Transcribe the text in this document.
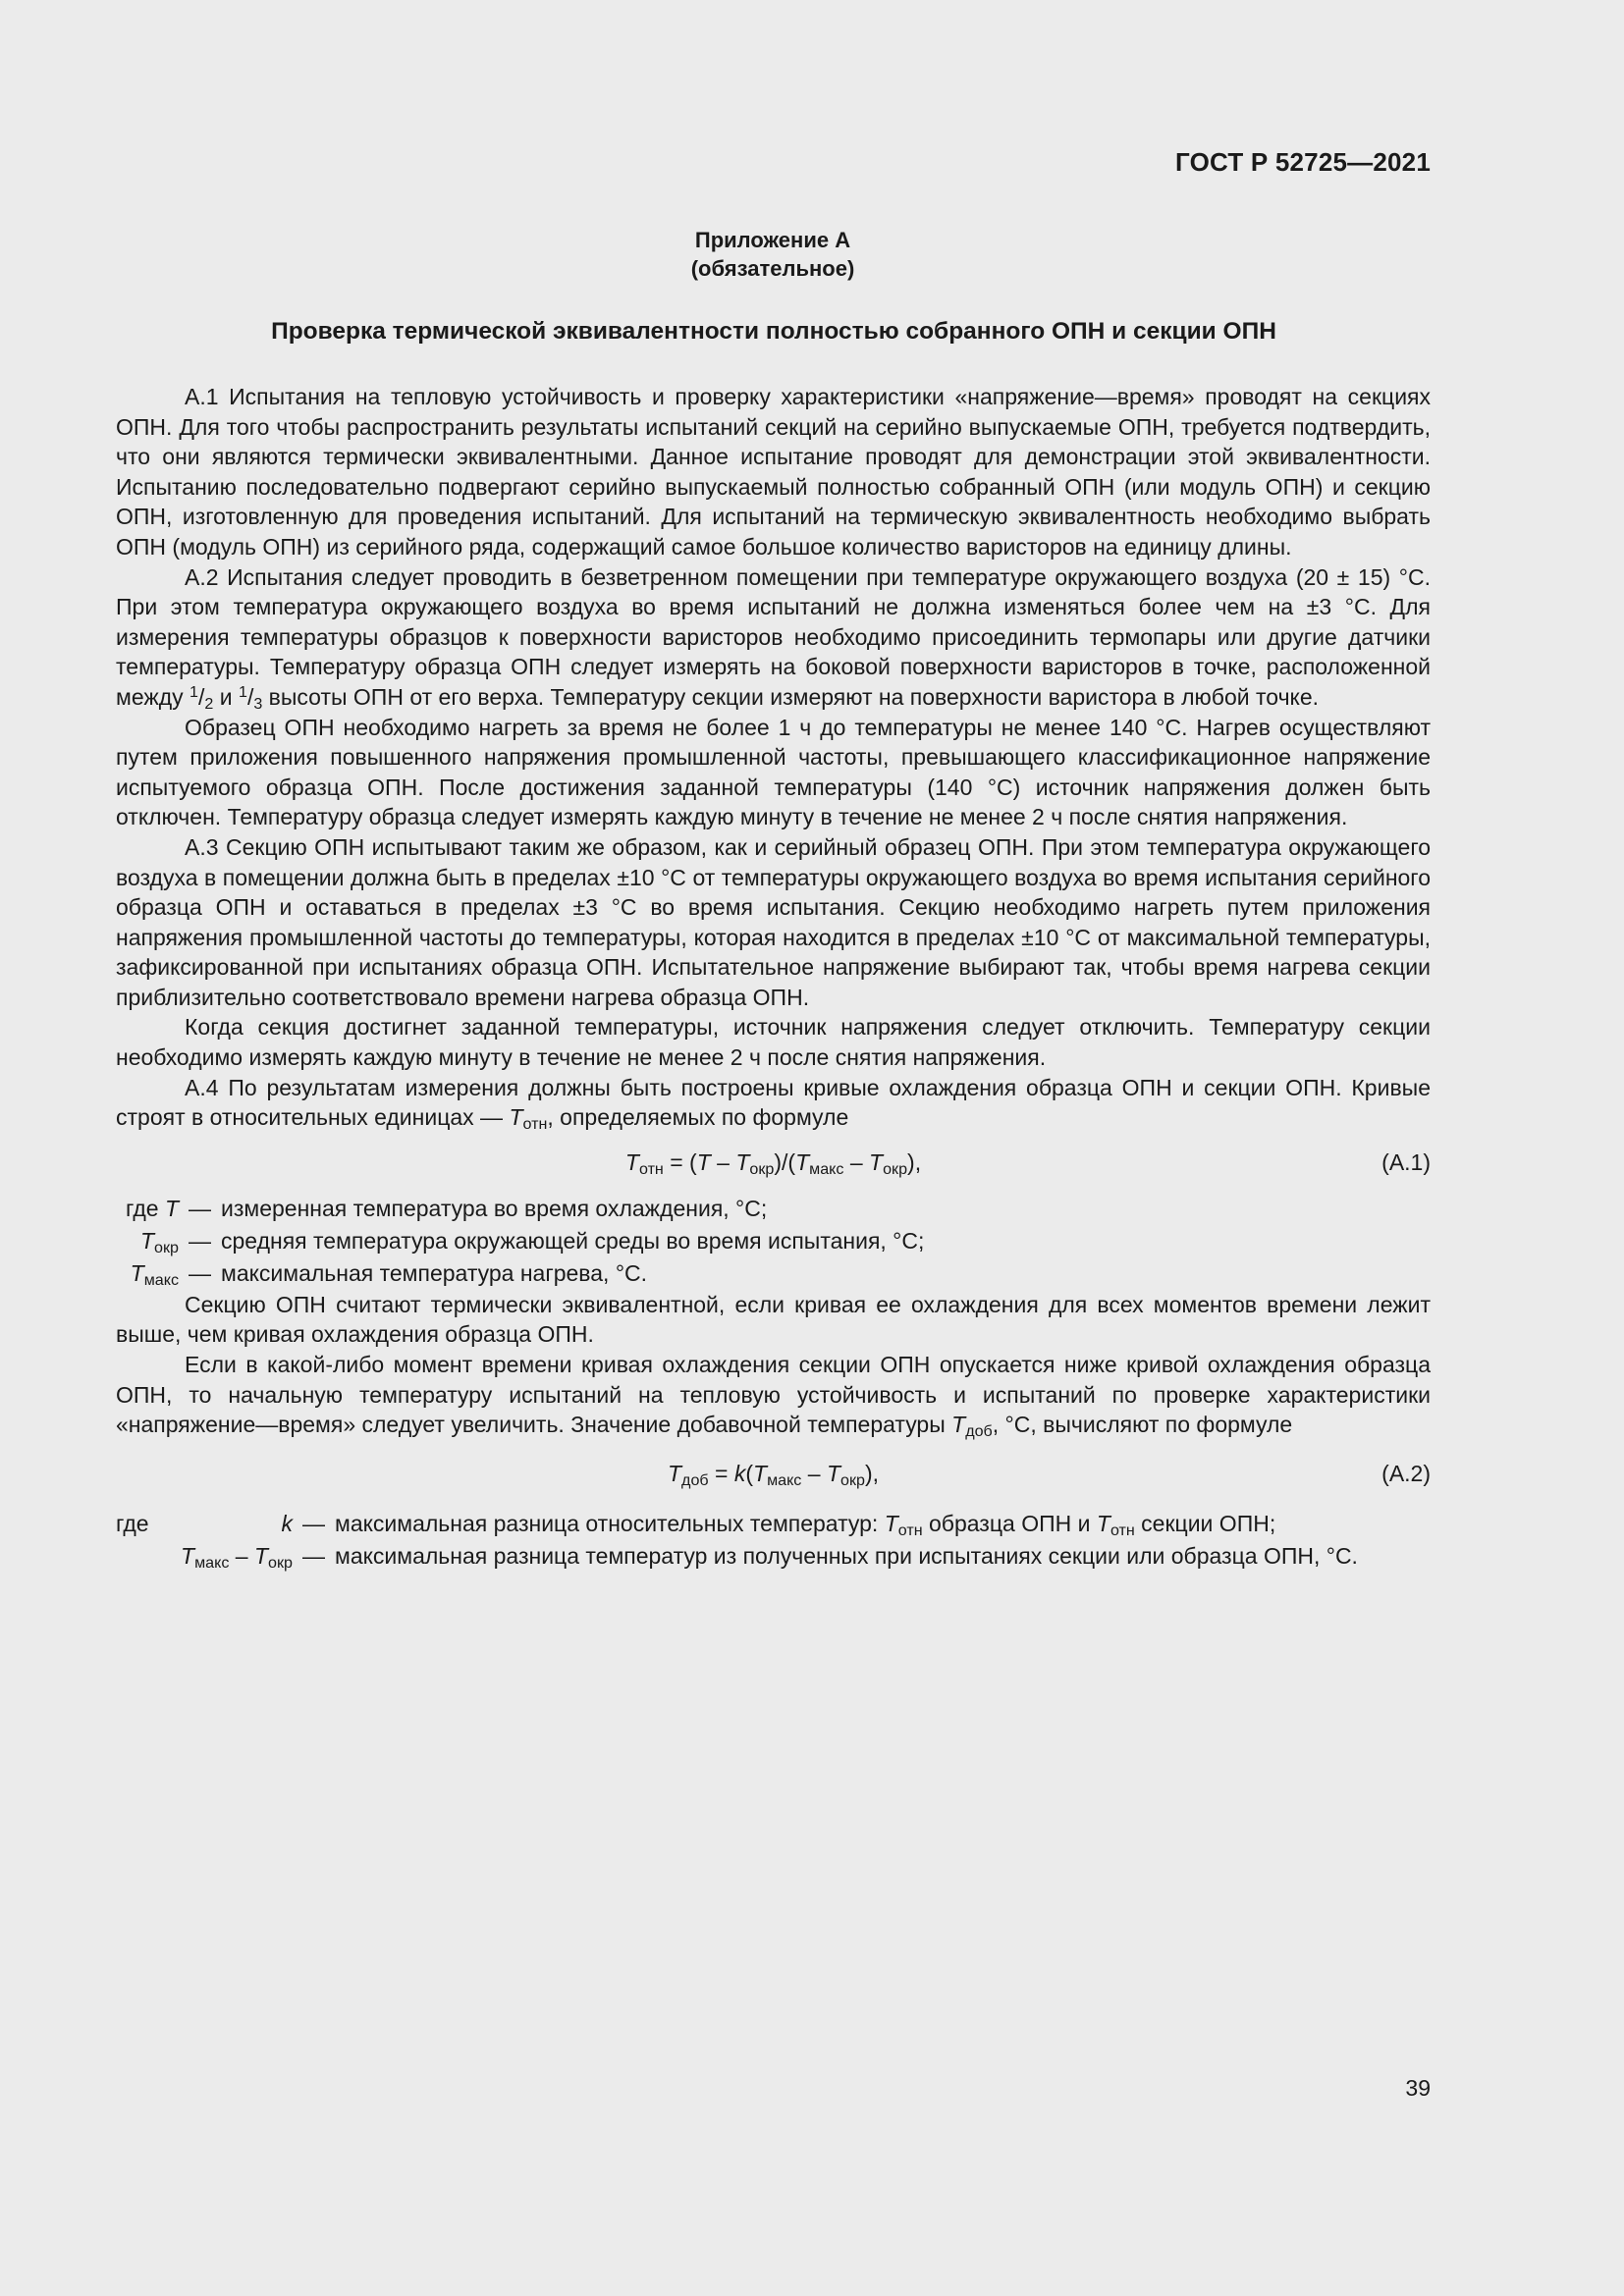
ГОСТ Р 52725—2021
Приложение А
(обязательное)
Проверка термической эквивалентности полностью собранного ОПН и секции ОПН

А.1 Испытания на тепловую устойчивость и проверку характеристики «напряжение—время» проводят на секциях ОПН. Для того чтобы распространить результаты испытаний секций на серийно выпускаемые ОПН, требуется подтвердить, что они являются термически эквивалентными. Данное испытание проводят для демонстрации этой эквивалентности. Испытанию последовательно подвергают серийно выпускаемый полностью собранный ОПН (или модуль ОПН) и секцию ОПН, изготовленную для проведения испытаний. Для испытаний на термическую эквивалентность необходимо выбрать ОПН (модуль ОПН) из серийного ряда, содержащий самое большое количество варисторов на единицу длины.

А.2 Испытания следует проводить в безветренном помещении при температуре окружающего воздуха (20 ± 15) °С. При этом температура окружающего воздуха во время испытаний не должна изменяться более чем на ±3 °С. Для измерения температуры образцов к поверхности варисторов необходимо присоединить термопары или другие датчики температуры. Температуру образца ОПН следует измерять на боковой поверхности варисторов в точке, расположенной между $^1/_2$ и $^1/_3$ высоты ОПН от его верха. Температуру секции измеряют на поверхности варистора в любой точке.

Образец ОПН необходимо нагреть за время не более 1 ч до температуры не менее 140 °С. Нагрев осуществляют путем приложения повышенного напряжения промышленной частоты, превышающего классификационное напряжение испытуемого образца ОПН. После достижения заданной температуры (140 °С) источник напряжения должен быть отключен. Температуру образца следует измерять каждую минуту в течение не менее 2 ч после снятия напряжения.

А.3 Секцию ОПН испытывают таким же образом, как и серийный образец ОПН. При этом температура окружающего воздуха в помещении должна быть в пределах ±10 °С от температуры окружающего воздуха во время испытания серийного образца ОПН и оставаться в пределах ±3 °С во время испытания. Секцию необходимо нагреть путем приложения напряжения промышленной частоты до температуры, которая находится в пределах ±10 °С от максимальной температуры, зафиксированной при испытаниях образца ОПН. Испытательное напряжение выбирают так, чтобы время нагрева секции приблизительно соответствовало времени нагрева образца ОПН.

Когда секция достигнет заданной температуры, источник напряжения следует отключить. Температуру секции необходимо измерять каждую минуту в течение не менее 2 ч после снятия напряжения.

А.4 По результатам измерения должны быть построены кривые охлаждения образца ОПН и секции ОПН. Кривые строят в относительных единицах — $T_{отн}$, определяемых по формуле

$T_{отн} = (T - T_{окр})/(T_{макс} - T_{окр})$,	(А.1)
где T — измеренная температура во время охлаждения, °С;
$T_{окр}$ — средняя температура окружающей среды во время испытания, °С;
$T_{макс}$ — максимальная температура нагрева, °С.

Секцию ОПН считают термически эквивалентной, если кривая ее охлаждения для всех моментов времени лежит выше, чем кривая охлаждения образца ОПН.

Если в какой-либо момент времени кривая охлаждения секции ОПН опускается ниже кривой охлаждения образца ОПН, то начальную температуру испытаний на тепловую устойчивость и испытаний по проверке характеристики «напряжение—время» следует увеличить. Значение добавочной температуры $T_{доб}$, °С, вычисляют по формуле

$T_{доб} = k(T_{макс} - T_{окр})$,	(А.2)
где	k — максимальная разница относительных температур: $T_{отн}$ образца ОПН и $T_{отн}$ секции ОПН;
$T_{макс} - T_{окр}$ — максимальная разница температур из полученных при испытаниях секции или образца ОПН, °С.
39
